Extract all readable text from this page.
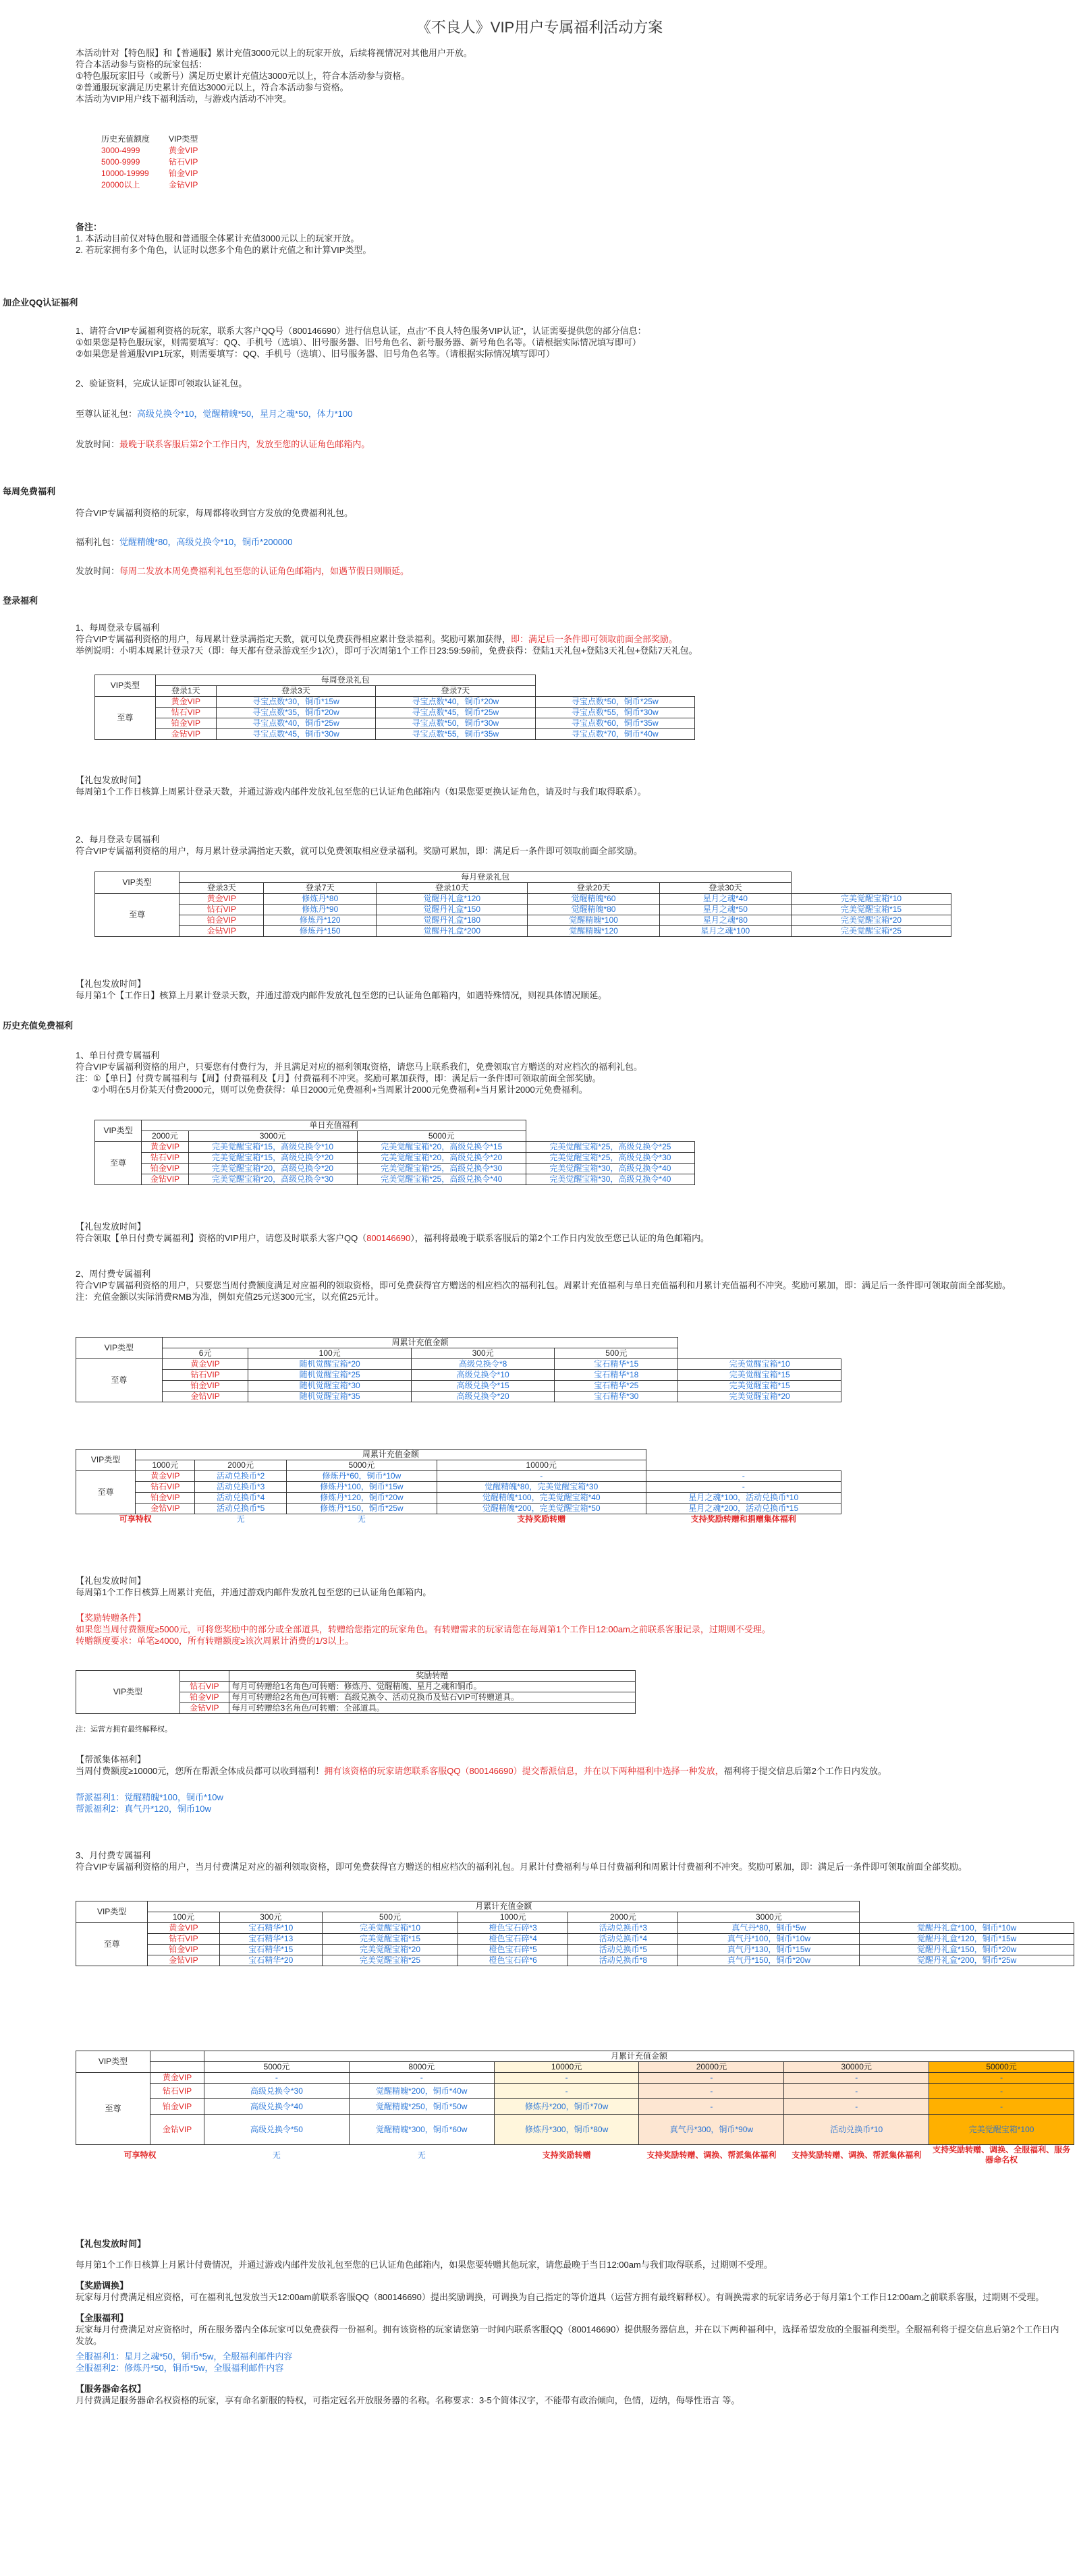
《不良人》VIP用户专属福利活动方案

本活动针对【特色服】和【普通服】累计充值3000元以上的玩家开放，后续将视情况对其他用户开放。

符合本活动参与资格的玩家包括：

①特色服玩家旧号（或新号）满足历史累计充值达3000元以上，符合本活动参与资格。

②普通服玩家满足历史累计充值达3000元以上，符合本活动参与资格。

本活动为VIP用户线下福利活动，与游戏内活动不冲突。

历史充值额度	VIP类型
3000-4999	黄金VIP
5000-9999	钻石VIP
10000-19999	铂金VIP
20000以上	金钻VIP

备注：

1. 本活动目前仅对特色服和普通服全体累计充值3000元以上的玩家开放。

2. 若玩家拥有多个角色，认证时以您多个角色的累计充值之和计算VIP类型。

加企业QQ认证福利

1、请符合VIP专属福利资格的玩家，联系大客户QQ号（800146690）进行信息认证，点击"不良人特色服务VIP认证"，认证需要提供您的部分信息：

①如果您是特色服玩家，则需要填写：QQ、手机号（选填）、旧号服务器、旧号角色名、新号服务器、新号角色名等。（请根据实际情况填写即可）

②如果您是普通服VIP1玩家，则需要填写：QQ、手机号（选填）、旧号服务器、旧号角色名等。（请根据实际情况填写即可）

2、验证资料，完成认证即可领取认证礼包。
至尊认证礼包：高级兑换令*10，觉醒精魄*50，星月之魂*50，体力*100
发放时间：最晚于联系客服后第2个工作日内，发放至您的认证角色邮箱内。
每周免费福利
符合VIP专属福利资格的玩家，每周都将收到官方发放的免费福利礼包。
福利礼包：觉醒精魄*80，高级兑换令*10，铜币*200000
发放时间：每周二发放本周免费福利礼包至您的认证角色邮箱内，如遇节假日则顺延。
登录福利

1、每周登录专属福利

符合VIP专属福利资格的用户，每周累计登录满指定天数，就可以免费获得相应累计登录福利。奖励可累加获得，即：满足后一条件即可领取前面全部奖励。

举例说明：小明本周累计登录7天（即：每天都有登录游戏至少1次），即可于次周第1个工作日23:59:59前，免费获得：登陆1天礼包+登陆3天礼包+登陆7天礼包。

VIP类型	每周登录礼包			
	登录1天	登录3天	登录7天	
至尊	黄金VIP	寻宝点数*30，铜币*15w	寻宝点数*40，铜币*20w	寻宝点数*50，铜币*25w
	钻石VIP	寻宝点数*35，铜币*20w	寻宝点数*45，铜币*25w	寻宝点数*55，铜币*30w
	铂金VIP	寻宝点数*40，铜币*25w	寻宝点数*50，铜币*30w	寻宝点数*60，铜币*35w
	金钻VIP	寻宝点数*45，铜币*30w	寻宝点数*55，铜币*35w	寻宝点数*70，铜币*40w

【礼包发放时间】

每周第1个工作日核算上周累计登录天数，并通过游戏内邮件发放礼包至您的已认证角色邮箱内（如果您要更换认证角色，请及时与我们取得联系）。

2、每月登录专属福利

符合VIP专属福利资格的用户，每月累计登录满指定天数，就可以免费领取相应登录福利。奖励可累加，即：满足后一条件即可领取前面全部奖励。

VIP类型	每月登录礼包					
	登录3天	登录7天	登录10天	登录20天	登录30天	
至尊	黄金VIP	修炼丹*80	觉醒丹礼盒*120	觉醒精魄*60	星月之魂*40	完美觉醒宝箱*10
	钻石VIP	修炼丹*90	觉醒丹礼盒*150	觉醒精魄*80	星月之魂*50	完美觉醒宝箱*15
	铂金VIP	修炼丹*120	觉醒丹礼盒*180	觉醒精魄*100	星月之魂*80	完美觉醒宝箱*20
	金钻VIP	修炼丹*150	觉醒丹礼盒*200	觉醒精魄*120	星月之魂*100	完美觉醒宝箱*25

【礼包发放时间】

每月第1个【工作日】核算上月累计登录天数，并通过游戏内邮件发放礼包至您的已认证角色邮箱内，如遇特殊情况，则视具体情况顺延。

历史充值免费福利

1、单日付费专属福利

符合VIP专属福利资格的用户，只要您有付费行为，并且满足对应的福利领取资格，请您马上联系我们，免费领取官方赠送的对应档次的福利礼包。

注：①【单日】付费专属福利与【周】付费福利及【月】付费福利不冲突。奖励可累加获得，即：满足后一条件即可领取前面全部奖励。

②小明在5月份某天付费2000元，则可以免费获得：单日2000元免费福利+当周累计2000元免费福利+当月累计2000元免费福利。

VIP类型	单日充值福利			
	2000元	3000元	5000元	
至尊	黄金VIP	完美觉醒宝箱*15，高级兑换令*10	完美觉醒宝箱*20，高级兑换令*15	完美觉醒宝箱*25，高级兑换令*25
	钻石VIP	完美觉醒宝箱*15，高级兑换令*20	完美觉醒宝箱*20，高级兑换令*20	完美觉醒宝箱*25，高级兑换令*30
	铂金VIP	完美觉醒宝箱*20，高级兑换令*20	完美觉醒宝箱*25，高级兑换令*30	完美觉醒宝箱*30，高级兑换令*40
	金钻VIP	完美觉醒宝箱*20，高级兑换令*30	完美觉醒宝箱*25，高级兑换令*40	完美觉醒宝箱*30，高级兑换令*40

【礼包发放时间】

符合领取【单日付费专属福利】资格的VIP用户，请您及时联系大客户QQ（800146690），福利将最晚于联系客服后的第2个工作日内发放至您已认证的角色邮箱内。

2、周付费专属福利

符合VIP专属福利资格的用户，只要您当周付费额度满足对应福利的领取资格，即可免费获得官方赠送的相应档次的福利礼包。周累计充值福利与单日充值福利和月累计充值福利不冲突。奖励可累加，即：满足后一条件即可领取前面全部奖励。

注：充值金额以实际消费RMB为准，例如充值25元送300元宝，以充值25元计。

VIP类型	周累计充值金额				
	6元	100元	300元	500元	
至尊	黄金VIP	随机觉醒宝箱*20	高级兑换令*8	宝石精华*15	完美觉醒宝箱*10
	钻石VIP	随机觉醒宝箱*25	高级兑换令*10	宝石精华*18	完美觉醒宝箱*15
	铂金VIP	随机觉醒宝箱*30	高级兑换令*15	宝石精华*25	完美觉醒宝箱*15
	金钻VIP	随机觉醒宝箱*35	高级兑换令*20	宝石精华*30	完美觉醒宝箱*20
VIP类型	周累计充值金额				
	1000元	2000元	5000元	10000元	
至尊	黄金VIP	活动兑换币*2	修炼丹*60，铜币*10w	-	-
	钻石VIP	活动兑换币*3	修炼丹*100，铜币*15w	觉醒精魄*80，完美觉醒宝箱*30	-
	铂金VIP	活动兑换币*4	修炼丹*120，铜币*20w	觉醒精魄*100，完美觉醒宝箱*40	星月之魂*100，活动兑换币*10
	金钻VIP	活动兑换币*5	修炼丹*150，铜币*25w	觉醒精魄*200，完美觉醒宝箱*50	星月之魂*200，活动兑换币*15
可享特权		无	无	支持奖励转赠	支持奖励转赠和捐赠集体福利

【礼包发放时间】

每周第1个工作日核算上周累计充值，并通过游戏内邮件发放礼包至您的已认证角色邮箱内。

【奖励转赠条件】

如果您当周付费额度≥5000元，可将您奖励中的部分或全部道具，转赠给您指定的玩家角色。有转赠需求的玩家请您在每周第1个工作日12:00am之前联系客服记录，过期则不受理。

转赠额度要求：单笔≥4000，所有转赠额度≥该次周累计消费的1/3以上。

VIP类型		奖励转赠
	钻石VIP	每月可转赠给1名角色/可转赠：修炼丹、觉醒精魄、星月之魂和铜币。
	铂金VIP	每月可转赠给2名角色/可转赠：高级兑换令、活动兑换币及钻石VIP可转赠道具。
	金钻VIP	每月可转赠给3名角色/可转赠：全部道具。
注：运营方拥有最终解释权。

【帮派集体福利】

当周付费额度≥10000元，您所在帮派全体成员都可以收到福利！拥有该资格的玩家请您联系客服QQ（800146690）提交帮派信息，并在以下两种福利中选择一种发放，福利将于提交信息后第2个工作日内发放。

帮派福利1：觉醒精魄*100，铜币*10w

帮派福利2：真气丹*120，铜币10w

3、月付费专属福利

符合VIP专属福利资格的用户，当月付费满足对应的福利领取资格，即可免费获得官方赠送的相应档次的福利礼包。月累计付费福利与单日付费福利和周累计付费福利不冲突。奖励可累加，即：满足后一条件即可领取前面全部奖励。

VIP类型	月累计充值金额						
	100元	300元	500元	1000元	2000元	3000元	
至尊	黄金VIP	宝石精华*10	完美觉醒宝箱*10	橙色宝石碎*3	活动兑换币*3	真气丹*80，铜币*5w	觉醒丹礼盒*100，铜币*10w
	钻石VIP	宝石精华*13	完美觉醒宝箱*15	橙色宝石碎*4	活动兑换币*4	真气丹*100，铜币*10w	觉醒丹礼盒*120，铜币*15w
	铂金VIP	宝石精华*15	完美觉醒宝箱*20	橙色宝石碎*5	活动兑换币*5	真气丹*130，铜币*15w	觉醒丹礼盒*150，铜币*20w
	金钻VIP	宝石精华*20	完美觉醒宝箱*25	橙色宝石碎*6	活动兑换币*8	真气丹*150，铜币*20w	觉醒丹礼盒*200，铜币*25w
VIP类型		月累计充值金额					
		5000元	8000元	10000元	20000元	30000元	50000元
至尊	黄金VIP	-	-	-	-	-	-
	钻石VIP	高级兑换令*30	觉醒精魄*200，铜币*40w	-	-	-	-
	铂金VIP	高级兑换令*40	觉醒精魄*250，铜币*50w	修炼丹*200，铜币*70w	-	-	-
	金钻VIP	高级兑换令*50	觉醒精魄*300，铜币*60w	修炼丹*300，铜币*80w	真气丹*300，铜币*90w	活动兑换币*10	完美觉醒宝箱*100
可享特权		无	无	支持奖励转赠	支持奖励转赠、调换、帮派集体福利	支持奖励转赠、调换、帮派集体福利	支持奖励转赠、调换、全服福利、服务器命名权

【礼包发放时间】

每月第1个工作日核算上月累计付费情况，并通过游戏内邮件发放礼包至您的已认证角色邮箱内，如果您要转赠其他玩家，请您最晚于当日12:00am与我们取得联系，过期则不受理。

【奖励调换】

玩家每月付费满足相应资格，可在福利礼包发放当天12:00am前联系客服QQ（800146690）提出奖励调换，可调换为自己指定的等价道具（运营方拥有最终解释权）。有调换需求的玩家请务必于每月第1个工作日12:00am之前联系客服，过期则不受理。

【全服福利】

玩家每月付费满足对应资格时，所在服务器内全体玩家可以免费获得一份福利。拥有该资格的玩家请您第一时间内联系客服QQ（800146690）提供服务器信息，并在以下两种福利中，选择希望发放的全服福利类型。全服福利将于提交信息后第2个工作日内发放。

全服福利1：星月之魂*50，铜币*5w，全服福利邮件内容

全服福利2：修炼丹*50，铜币*5w，全服福利邮件内容

【服务器命名权】

月付费满足服务器命名权资格的玩家，享有命名新服的特权，可指定冠名开放服务器的名称。名称要求：3-5个简体汉字，不能带有政治倾向，色情，迈纳，侮辱性语言 等。
